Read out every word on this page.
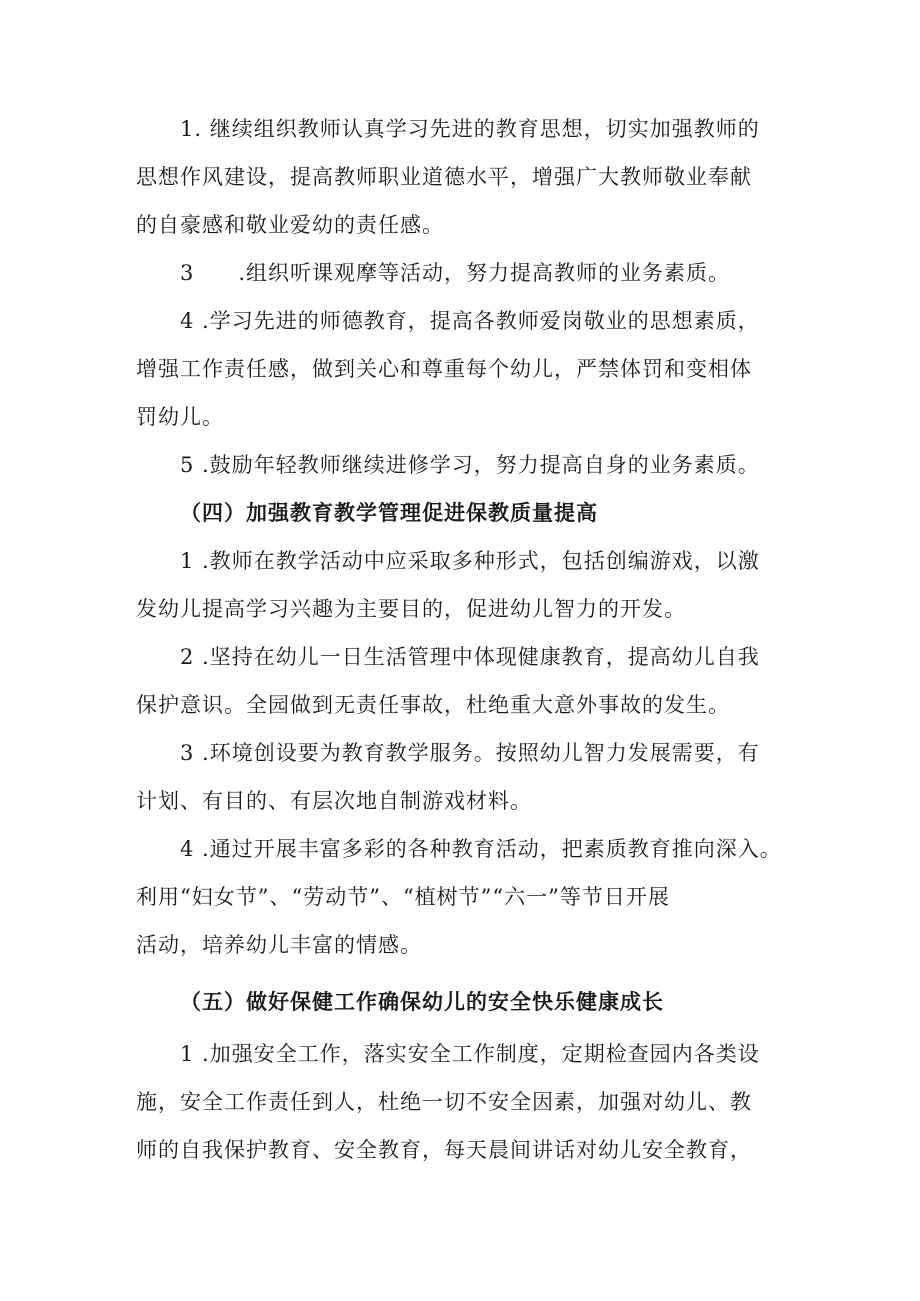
　　1. 继续组织教师认真学习先进的教育思想，切实加强教师的
思想作风建设，提高教师职业道德水平，增强广大教师敬业奉献
的自豪感和敬业爱幼的责任感。

　　3　　.组织听课观摩等活动，努力提高教师的业务素质。

　　4 .学习先进的师德教育，提高各教师爱岗敬业的思想素质，
增强工作责任感，做到关心和尊重每个幼儿，严禁体罚和变相体
罚幼儿。

　　5 .鼓励年轻教师继续进修学习，努力提高自身的业务素质。

（四）加强教育教学管理促进保教质量提高

　　1 .教师在教学活动中应采取多种形式，包括创编游戏，以激
发幼儿提高学习兴趣为主要目的，促进幼儿智力的开发。

　　2 .坚持在幼儿一日生活管理中体现健康教育，提高幼儿自我
保护意识。全园做到无责任事故，杜绝重大意外事故的发生。

　　3 .环境创设要为教育教学服务。按照幼儿智力发展需要，有
计划、有目的、有层次地自制游戏材料。

　　4 .通过开展丰富多彩的各种教育活动，把素质教育推向深入。
利用“妇女节”、“劳动节”、“植树节”“六一”等节日开展
活动，培养幼儿丰富的情感。

（五）做好保健工作确保幼儿的安全快乐健康成长

　　1 .加强安全工作，落实安全工作制度，定期检查园内各类设
施，安全工作责任到人，杜绝一切不安全因素，加强对幼儿、教
师的自我保护教育、安全教育，每天晨间讲话对幼儿安全教育，
